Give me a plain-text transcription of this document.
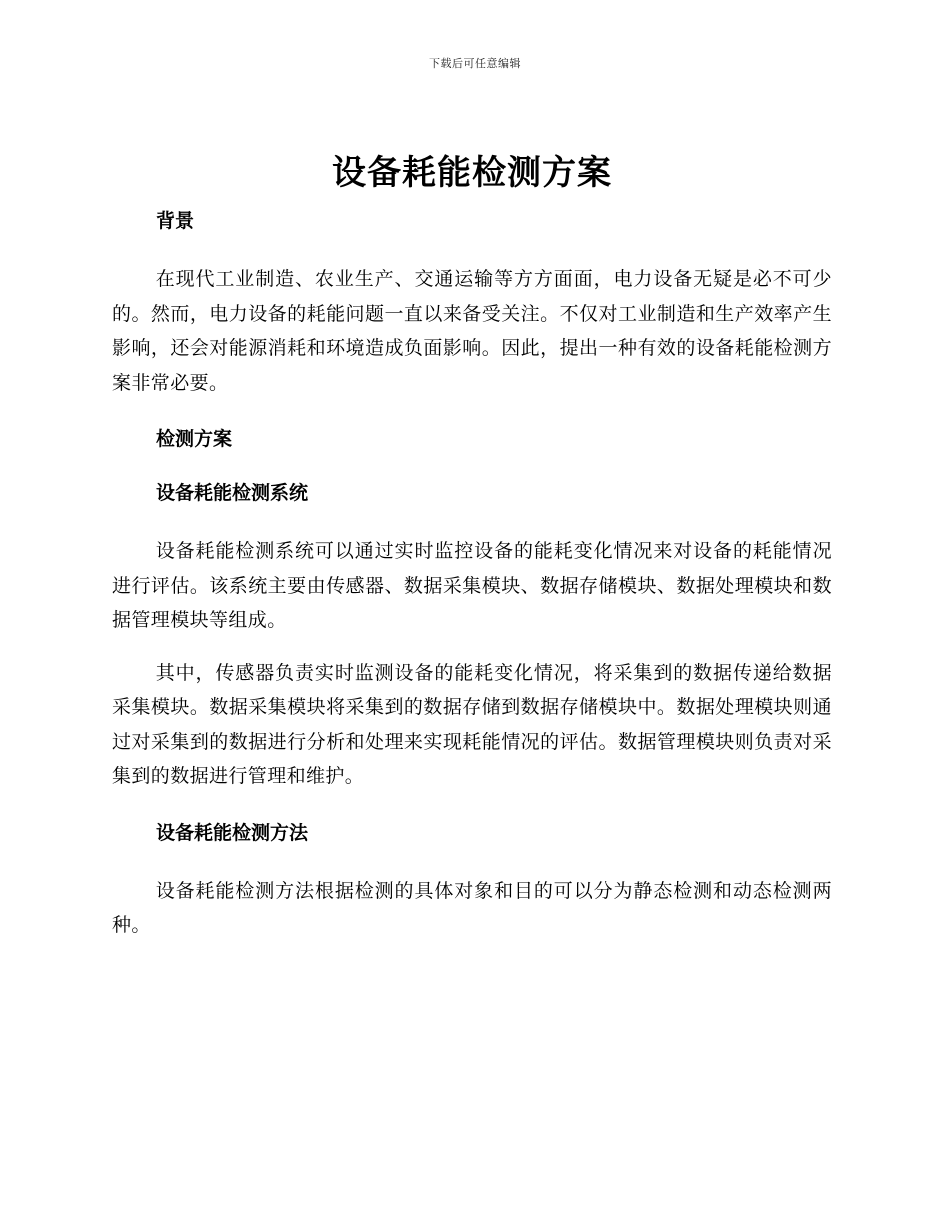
下载后可任意编辑
设备耗能检测方案
背景

在现代工业制造、农业生产、交通运输等方方面面，电力设备无疑是必不可少的。然而，电力设备的耗能问题一直以来备受关注。不仅对工业制造和生产效率产生影响，还会对能源消耗和环境造成负面影响。因此，提出一种有效的设备耗能检测方案非常必要。

检测方案
设备耗能检测系统

设备耗能检测系统可以通过实时监控设备的能耗变化情况来对设备的耗能情况进行评估。该系统主要由传感器、数据采集模块、数据存储模块、数据处理模块和数据管理模块等组成。

其中，传感器负责实时监测设备的能耗变化情况，将采集到的数据传递给数据采集模块。数据采集模块将采集到的数据存储到数据存储模块中。数据处理模块则通过对采集到的数据进行分析和处理来实现耗能情况的评估。数据管理模块则负责对采集到的数据进行管理和维护。

设备耗能检测方法

设备耗能检测方法根据检测的具体对象和目的可以分为静态检测和动态检测两种。
